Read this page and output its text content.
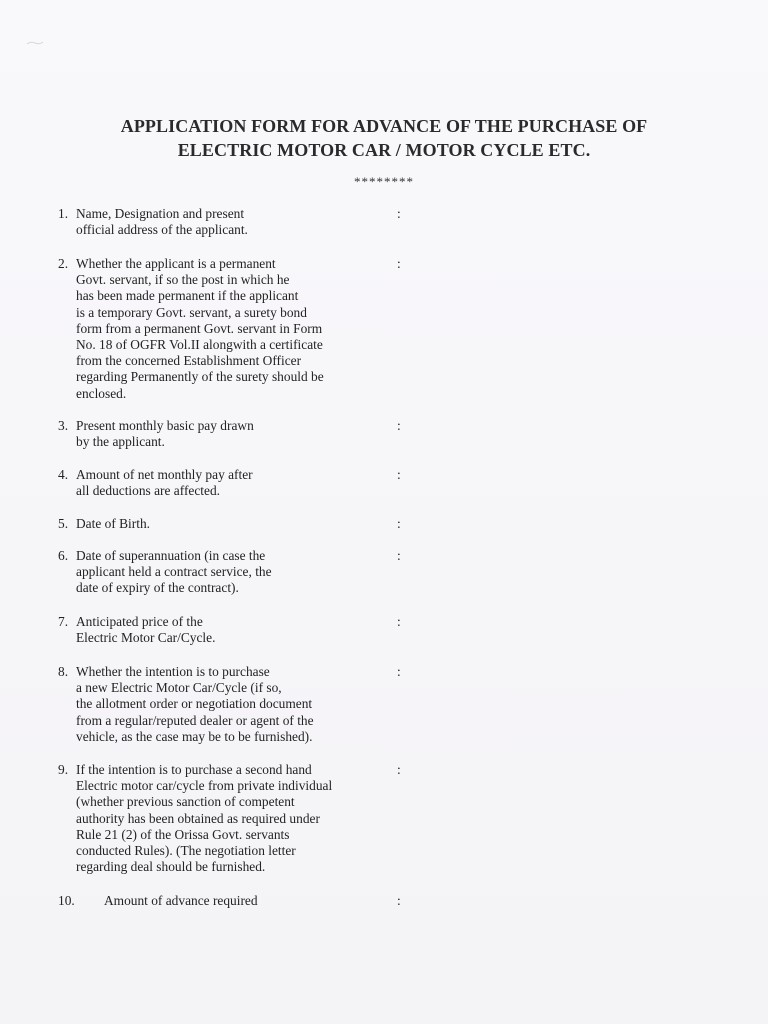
APPLICATION FORM FOR ADVANCE OF THE PURCHASE OF
ELECTRIC MOTOR CAR / MOTOR CYCLE ETC.
********
1. Name, Designation and present
official address of the applicant.
:
2. Whether the applicant is a permanent
Govt. servant, if so the post in which he
has been made permanent if the applicant
is a temporary Govt. servant, a surety bond
form from a permanent Govt. servant in Form
No. 18 of OGFR Vol.II alongwith a certificate
from the concerned Establishment Officer
regarding Permanently of the surety should be
enclosed.
:
3. Present monthly basic pay drawn
by the applicant.
:
4. Amount of net monthly pay after
all deductions are affected.
:
5. Date of Birth.	:
6. Date of superannuation (in case the
applicant held a contract service, the
date of expiry of the contract).
:
7. Anticipated price of the
Electric Motor Car/Cycle.
:
8. Whether the intention is to purchase
a new Electric Motor Car/Cycle (if so,
the allotment order or negotiation document
from a regular/reputed dealer or agent of the
vehicle, as the case may be to be furnished).
:
9. If the intention is to purchase a second hand
Electric motor car/cycle from private individual
(whether previous sanction of competent
authority has been obtained as required under
Rule 21 (2) of the Orissa Govt. servants
conducted Rules). (The negotiation letter
regarding deal should be furnished.
:
10. Amount of advance required	:
